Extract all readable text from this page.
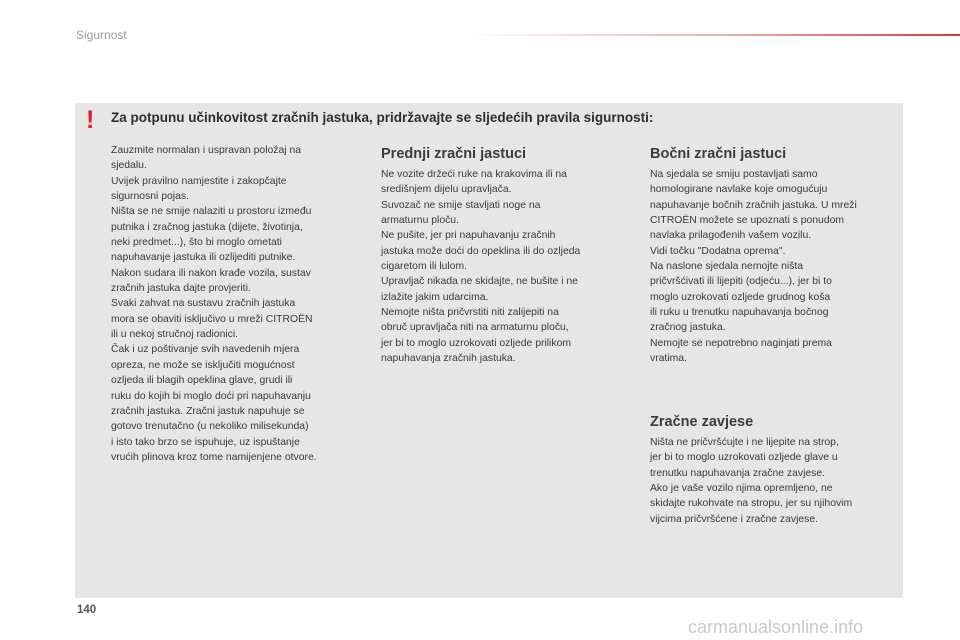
Sigurnost
! Za potpunu učinkovitost zračnih jastuka, pridržavajte se sljedećih pravila sigurnosti:

Zauzmite normalan i uspravan položaj na

sjedalu.

Uvijek pravilno namjestite i zakopčajte

sigurnosni pojas.

Ništa se ne smije nalaziti u prostoru između

putnika i zračnog jastuka (dijete, životinja,

neki predmet...), što bi moglo ometati

napuhavanje jastuka ili ozlijediti putnike.

Nakon sudara ili nakon krađe vozila, sustav

zračnih jastuka dajte provjeriti.

Svaki zahvat na sustavu zračnih jastuka

mora se obaviti isključivo u mreži CITROËN

ili u nekoj stručnoj radionici.

Čak i uz poštivanje svih navedenih mjera

opreza, ne može se isključiti mogućnost

ozljeda ili blagih opeklina glave, grudi ili

ruku do kojih bi moglo doći pri napuhavanju

zračnih jastuka. Zračni jastuk napuhuje se

gotovo trenutačno (u nekoliko milisekunda)

i isto tako brzo se ispuhuje, uz ispuštanje

vrućih plinova kroz tome namijenjene otvore.

Prednji zračni jastuci

Ne vozite držeći ruke na krakovima ili na

središnjem dijelu upravljača.

Suvozač ne smije stavljati noge na

armaturnu ploču.

Ne pušite, jer pri napuhavanju zračnih

jastuka može doći do opeklina ili do ozljeda

cigaretom ili lulom.

Upravljač nikada ne skidajte, ne bušite i ne

izlažite jakim udarcima.

Nemojte ništa pričvrstiti niti zalijepiti na

obruč upravljača niti na armaturnu ploču,

jer bi to moglo uzrokovati ozljede prilikom

napuhavanja zračnih jastuka.

Bočni zračni jastuci

Na sjedala se smiju postavljati samo

homologirane navlake koje omogućuju

napuhavanje bočnih zračnih jastuka. U mreži

CITROËN možete se upoznati s ponudom

navlaka prilagođenih vašem vozilu.

Vidi točku "Dodatna oprema".

Na naslone sjedala nemojte ništa

pričvršćivati ili lijepiti (odjeću...), jer bi to

moglo uzrokovati ozljede grudnog koša

ili ruku u trenutku napuhavanja bočnog

zračnog jastuka.

Nemojte se nepotrebno naginjati prema

vratima.

Zračne zavjese

Ništa ne pričvršćujte i ne lijepite na strop,

jer bi to moglo uzrokovati ozljede glave u

trenutku napuhavanja zračne zavjese.

Ako je vaše vozilo njima opremljeno, ne

skidajte rukohvate na stropu, jer su njihovim

vijcima pričvršćene i zračne zavjese.

140
carmanualsonline.info
